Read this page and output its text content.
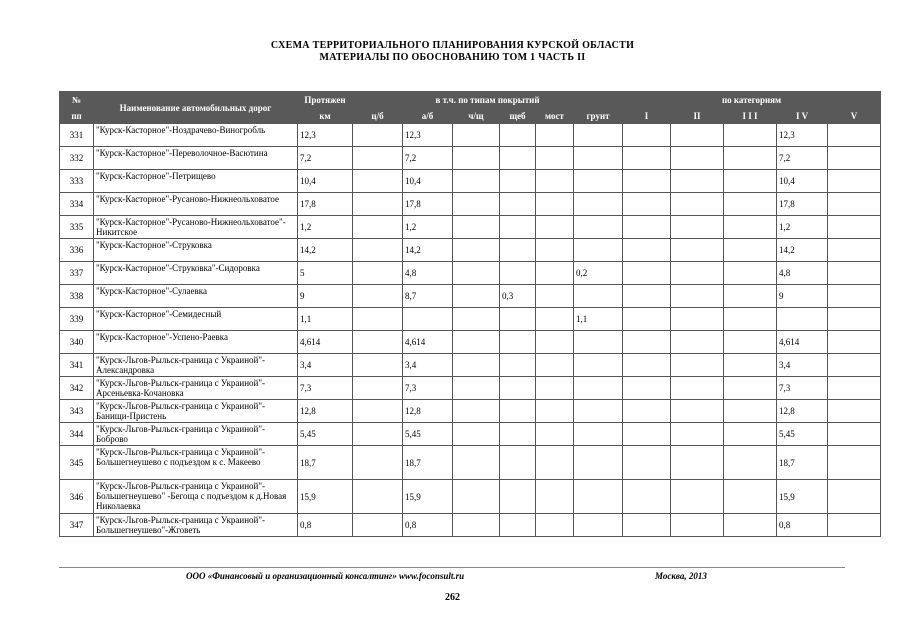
СХЕМА ТЕРРИТОРИАЛЬНОГО ПЛАНИРОВАНИЯ КУРСКОЙ ОБЛАСТИ
МАТЕРИАЛЫ ПО ОБОСНОВАНИЮ ТОМ 1 ЧАСТЬ II
№	Наименование автомобильных дорог	Протяжен	в т.ч. по типам покрытий						по категориям				
пп		км	ц/б	а/б	ч/щ	щеб	мост	грунт	I	II	I I I	I V	V
331	"Курск-Касторное"-Ноздрачево-Виногробль	12,3		12,3								12,3	
332	"Курск-Касторное"-Переволочное-Васютина	7,2		7,2								7,2	
333	"Курск-Касторное"-Петрищево	10,4		10,4								10,4	
334	"Курск-Касторное"-Русаново-Нижнеольховатое	17,8		17,8								17,8	
335	"Курск-Касторное"-Русаново-Нижнеольховатое"-Никитское	1,2		1,2								1,2	
336	"Курск-Касторное"-Струковка	14,2		14,2								14,2	
337	"Курск-Касторное"-Струковка"-Сидоровка	5		4,8				0,2				4,8	
338	"Курск-Касторное"-Сулаевка	9		8,7		0,3						9	
339	"Курск-Касторное"-Семидесный	1,1						1,1					
340	"Курск-Касторное"-Успено-Раевка	4,614		4,614								4,614	
341	"Курск-Льгов-Рыльск-граница с Украиной"-Александровка	3,4		3,4								3,4	
342	"Курск-Льгов-Рыльск-граница с Украиной"-Арсеньевка-Кочановка	7,3		7,3								7,3	
343	"Курск-Льгов-Рыльск-граница с Украиной"-Банищи-Пристень	12,8		12,8								12,8	
344	"Курск-Льгов-Рыльск-граница с Украиной"-Боброво	5,45		5,45								5,45	
345	"Курск-Льгов-Рыльск-граница с Украиной"-Большегнеушево с подъездом к с. Макеево	18,7		18,7								18,7	
346	"Курск-Льгов-Рыльск-граница с Украиной"-Большегнеушево" -Бегоща с подъездом к д.Новая Николаевка	15,9		15,9								15,9	
347	"Курск-Льгов-Рыльск-граница с Украиной"-Большегнеушево"-Жговеть	0,8		0,8								0,8	
ООО «Финансовый и организационный консалтинг» www.foconsult.ru	Москва, 2013
262
